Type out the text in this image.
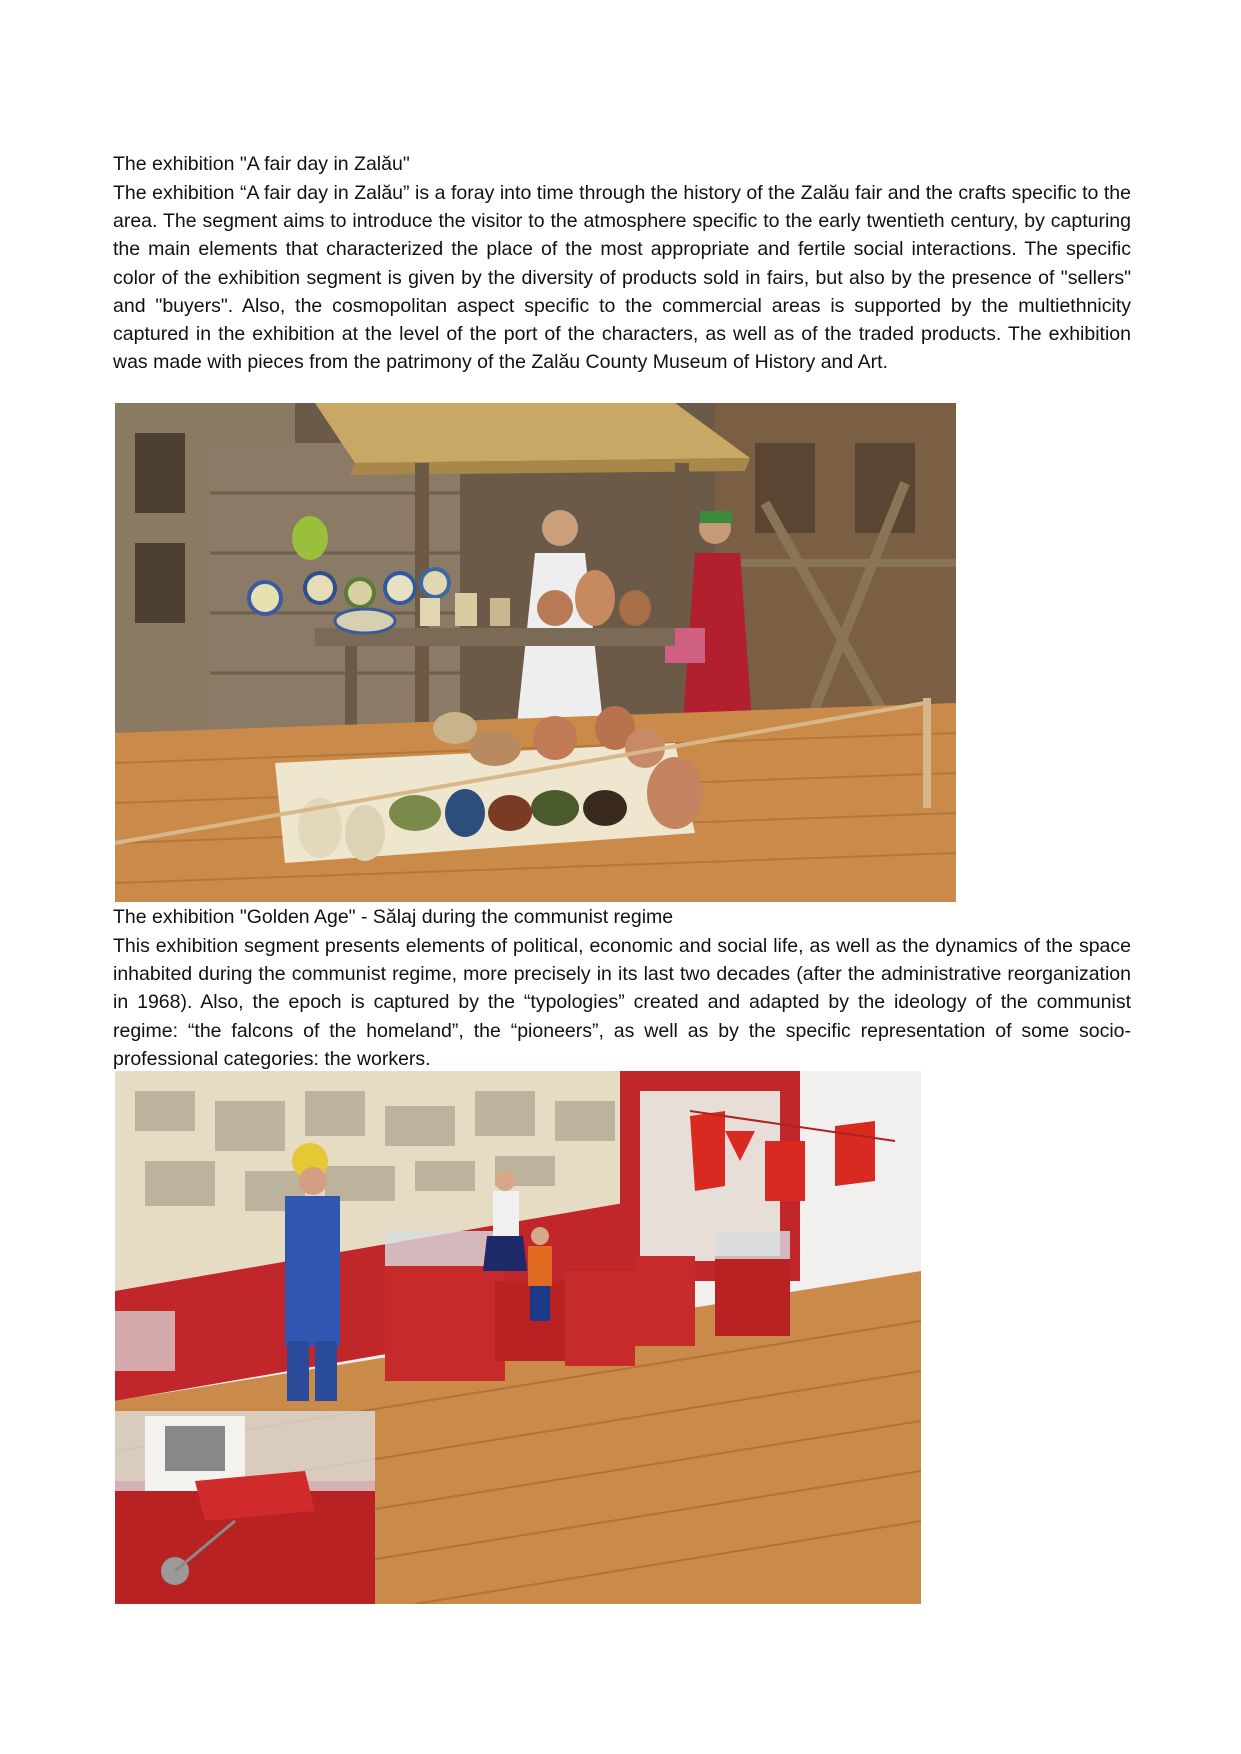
The exhibition "A fair day in Zalău"
The exhibition “A fair day in Zalău” is a foray into time through the history of the Zalău fair and the crafts specific to the area. The segment aims to introduce the visitor to the atmosphere specific to the early twentieth century, by capturing the main elements that characterized the place of the most appropriate and fertile social interactions. The specific color of the exhibition segment is given by the diversity of products sold in fairs, but also by the presence of "sellers" and "buyers". Also, the cosmopolitan aspect specific to the commercial areas is supported by the multiethnicity captured in the exhibition at the level of the port of the characters, as well as of the traded products. The exhibition was made with pieces from the patrimony of the Zalău County Museum of History and Art.
The exhibition "Golden Age" - Sălaj during the communist regime
This exhibition segment presents elements of political, economic and social life, as well as the dynamics of the space inhabited during the communist regime, more precisely in its last two decades (after the administrative reorganization in 1968). Also, the epoch is captured by the “typologies” created and adapted by the ideology of the communist regime: “the falcons of the homeland”, the “pioneers”, as well as by the specific representation of some socio-professional categories: the workers.
